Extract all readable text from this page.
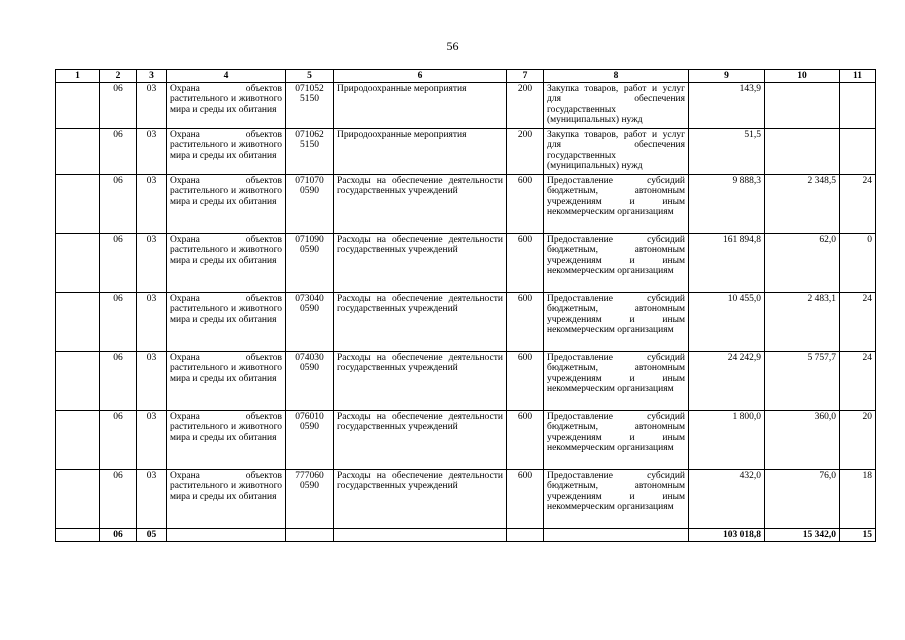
56
1	2	3	4	5	6	7	8	9	10	11
	06	03	Охрана объектов растительного и животного мира и среды их обитания	071052 5150	Природоохранные мероприятия	200	Закупка товаров, работ и услуг для обеспечения государственных (муниципальных) нужд	143,9		
	06	03	Охрана объектов растительного и животного мира и среды их обитания	071062 5150	Природоохранные мероприятия	200	Закупка товаров, работ и услуг для обеспечения государственных (муниципальных) нужд	51,5		
	06	03	Охрана объектов растительного и животного мира и среды их обитания	071070 0590	Расходы на обеспечение деятельности государственных учреждений	600	Предоставление субсидий бюджетным, автономным учреждениям и иным некоммерческим организациям	9 888,3	2 348,5	24
	06	03	Охрана объектов растительного и животного мира и среды их обитания	071090 0590	Расходы на обеспечение деятельности государственных учреждений	600	Предоставление субсидий бюджетным, автономным учреждениям и иным некоммерческим организациям	161 894,8	62,0	0
	06	03	Охрана объектов растительного и животного мира и среды их обитания	073040 0590	Расходы на обеспечение деятельности государственных учреждений	600	Предоставление субсидий бюджетным, автономным учреждениям и иным некоммерческим организациям	10 455,0	2 483,1	24
	06	03	Охрана объектов растительного и животного мира и среды их обитания	074030 0590	Расходы на обеспечение деятельности государственных учреждений	600	Предоставление субсидий бюджетным, автономным учреждениям и иным некоммерческим организациям	24 242,9	5 757,7	24
	06	03	Охрана объектов растительного и животного мира и среды их обитания	076010 0590	Расходы на обеспечение деятельности государственных учреждений	600	Предоставление субсидий бюджетным, автономным учреждениям и иным некоммерческим организациям	1 800,0	360,0	20
	06	03	Охрана объектов растительного и животного мира и среды их обитания	777060 0590	Расходы на обеспечение деятельности государственных учреждений	600	Предоставление субсидий бюджетным, автономным учреждениям и иным некоммерческим организациям	432,0	76,0	18
	06	05						103 018,8	15 342,0	15
